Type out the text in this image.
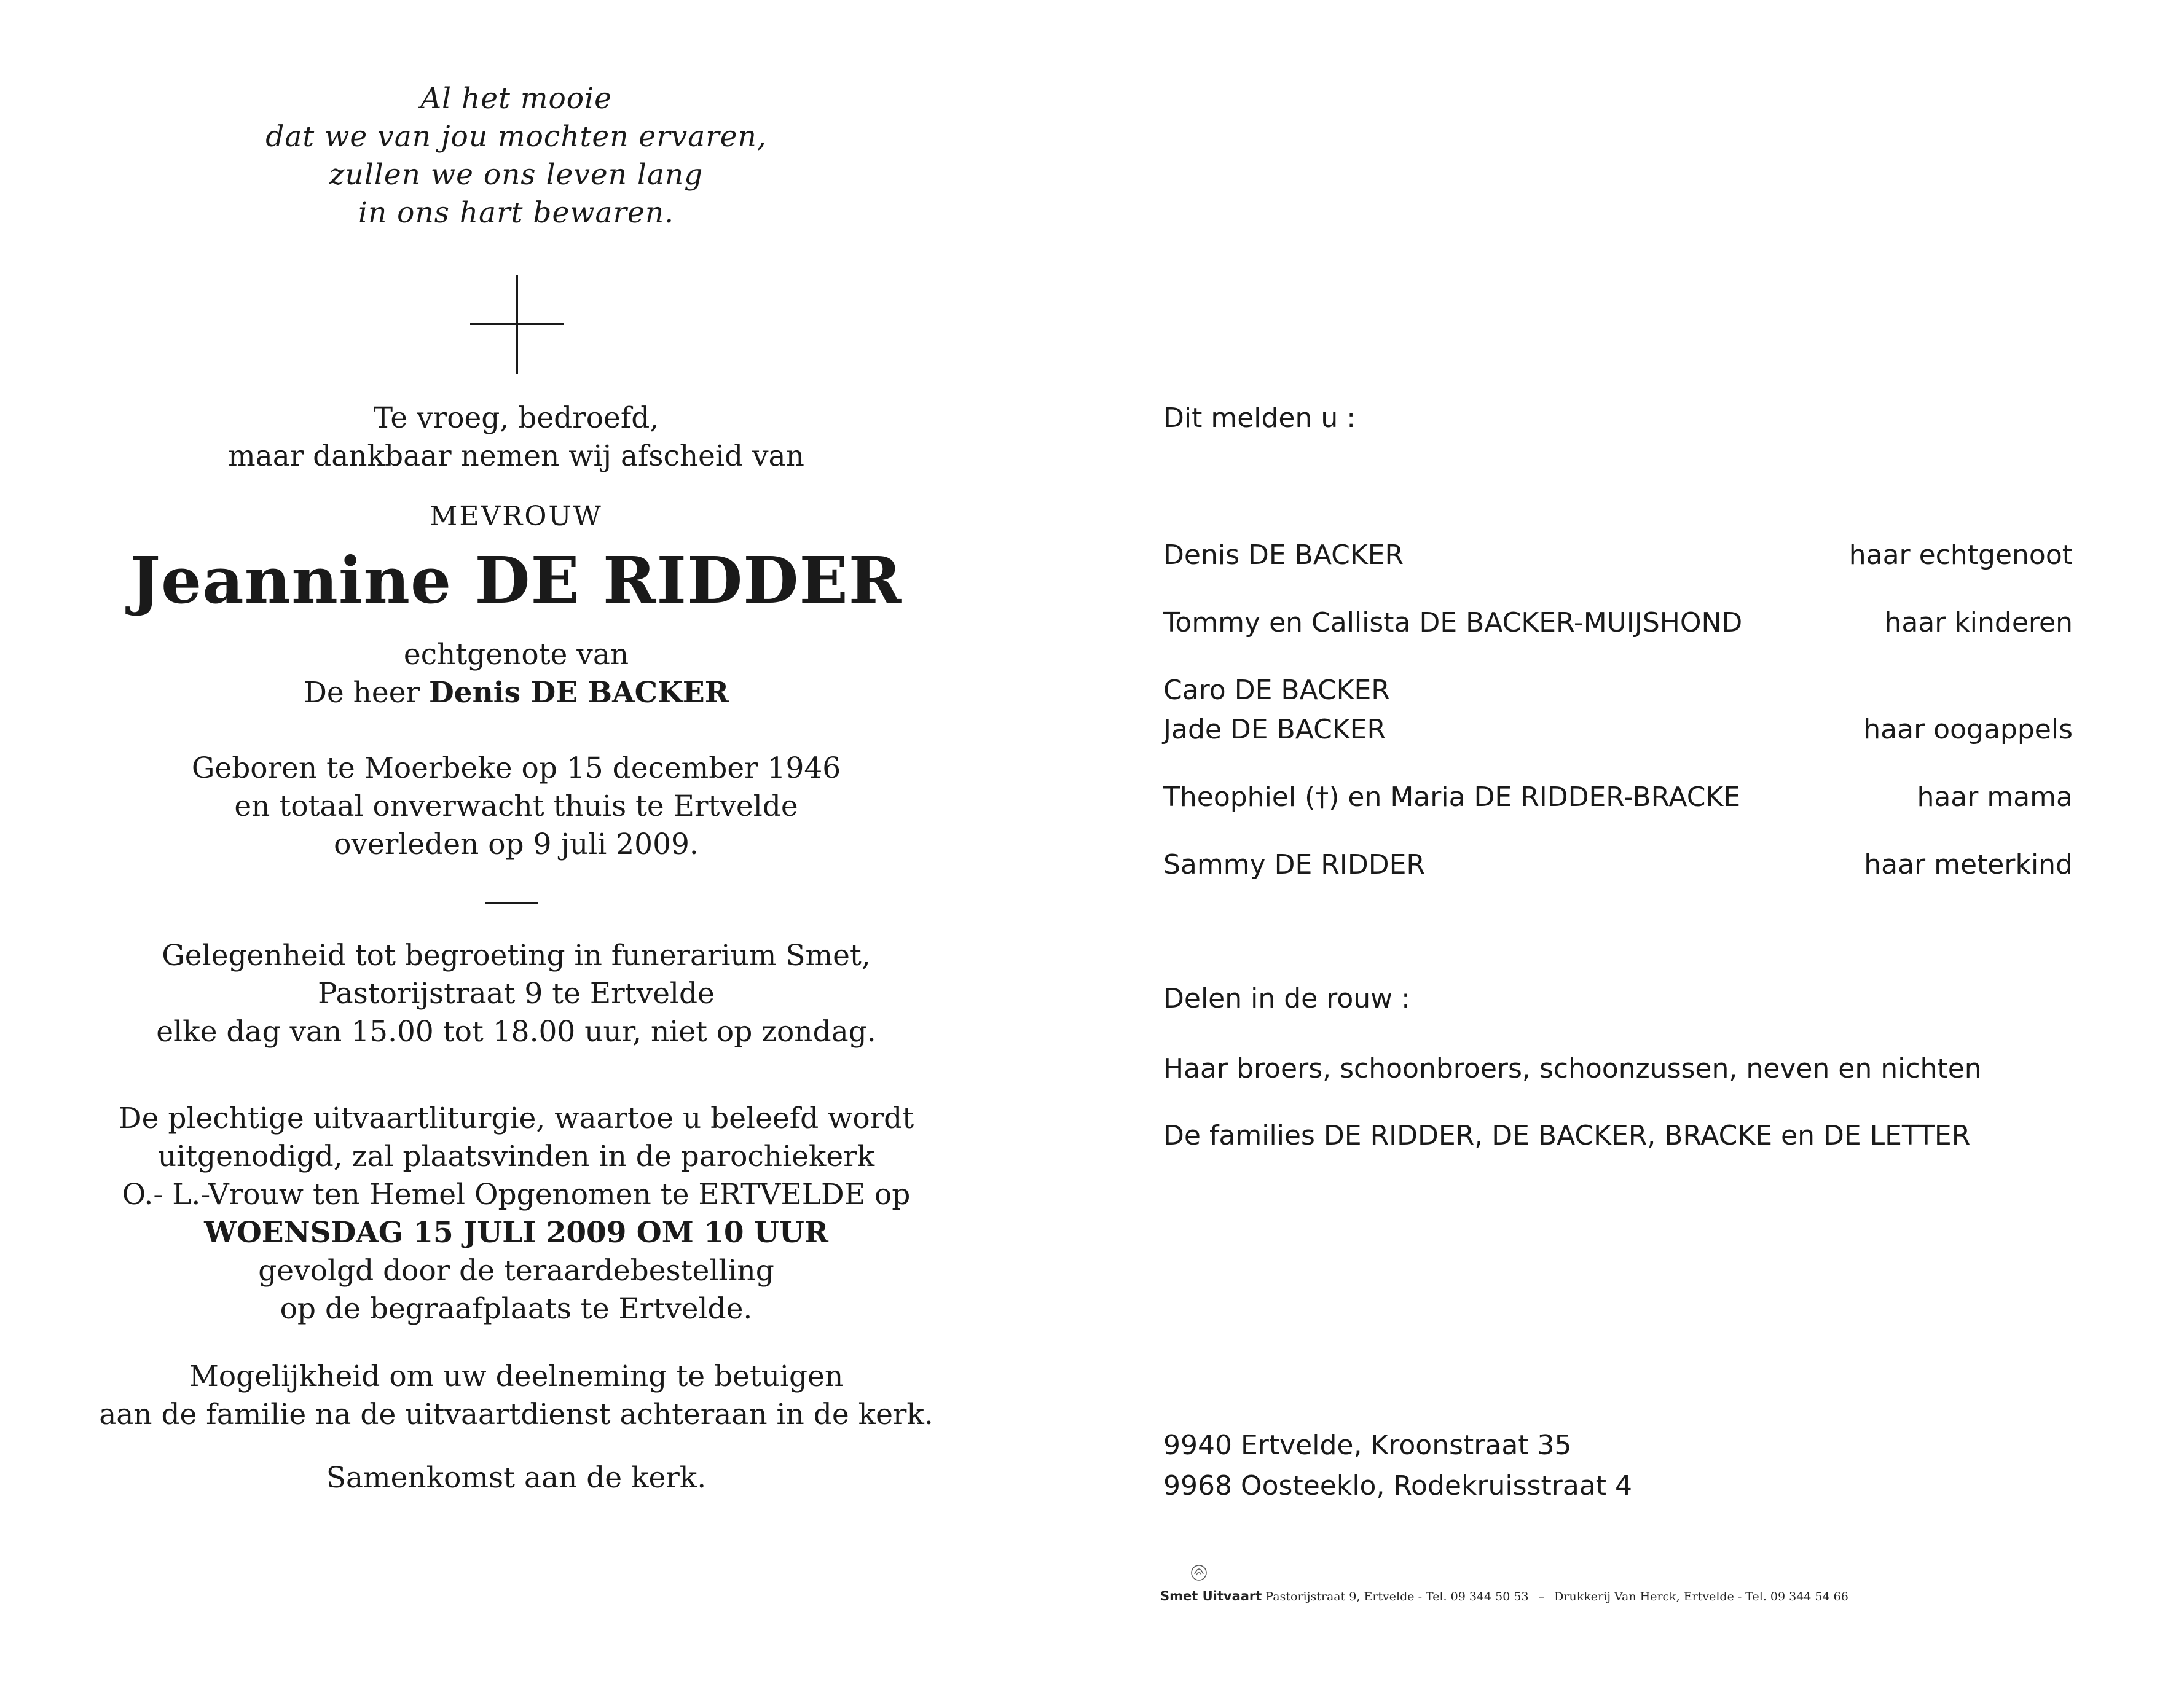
Al het mooie
dat we van jou mochten ervaren,
zullen we ons leven lang
in ons hart bewaren.
Te vroeg, bedroefd,
maar dankbaar nemen wij afscheid van
MEVROUW
Jeannine DE RIDDER
echtgenote van
De heer Denis DE BACKER
Geboren te Moerbeke op 15 december 1946
en totaal onverwacht thuis te Ertvelde
overleden op 9 juli 2009.
Gelegenheid tot begroeting in funerarium Smet,
Pastorijstraat 9 te Ertvelde
elke dag van 15.00 tot 18.00 uur, niet op zondag.
De plechtige uitvaartliturgie, waartoe u beleefd wordt
uitgenodigd, zal plaatsvinden in de parochiekerk
O.- L.-Vrouw ten Hemel Opgenomen te ERTVELDE op
WOENSDAG 15 JULI 2009 OM 10 UUR
gevolgd door de teraardebestelling
op de begraafplaats te Ertvelde.
Mogelijkheid om uw deelneming te betuigen
aan de familie na de uitvaartdienst achteraan in de kerk.
Samenkomst aan de kerk.
Dit melden u :
Denis DE BACKER	haar echtgenoot
Tommy en Callista DE BACKER-MUIJSHOND	haar kinderen
Caro DE BACKER
Jade DE BACKER	haar oogappels
Theophiel (†) en Maria DE RIDDER-BRACKE	haar mama
Sammy DE RIDDER	haar meterkind
Delen in de rouw :
Haar broers, schoonbroers, schoonzussen, neven en nichten
De families DE RIDDER, DE BACKER, BRACKE en DE LETTER
9940 Ertvelde, Kroonstraat 35
9968 Oosteeklo, Rodekruisstraat 4
Smet Uitvaart Pastorijstraat 9, Ertvelde - Tel. 09 344 50 53 – Drukkerij Van Herck, Ertvelde - Tel. 09 344 54 66
